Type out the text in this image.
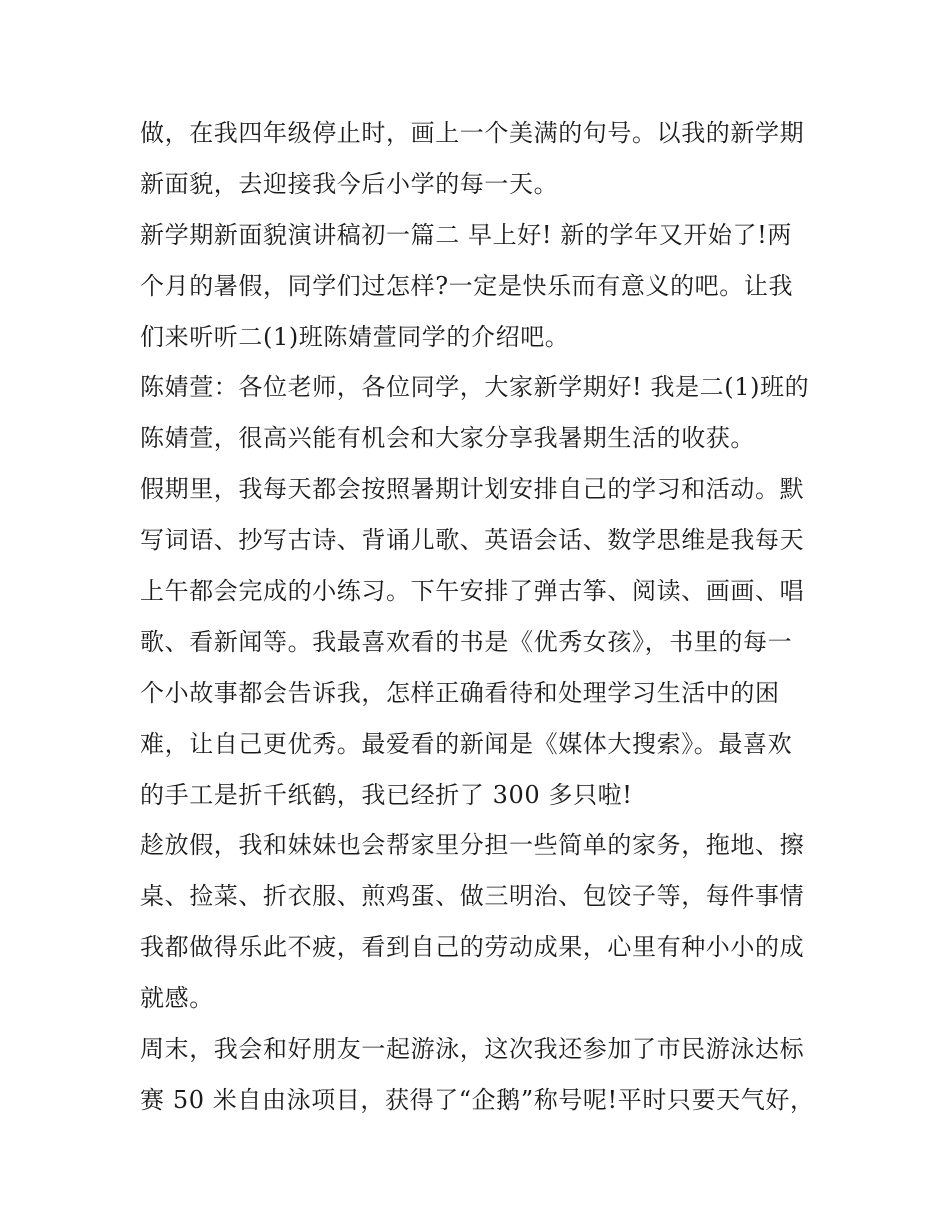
做，在我四年级停止时，画上一个美满的句号。以我的新学期
新面貌，去迎接我今后小学的每一天。
新学期新面貌演讲稿初一篇二 早上好! 新的学年又开始了!两
个月的暑假，同学们过怎样?一定是快乐而有意义的吧。让我
们来听听二(1)班陈婧萱同学的介绍吧。
陈婧萱：各位老师，各位同学，大家新学期好! 我是二(1)班的
陈婧萱，很高兴能有机会和大家分享我暑期生活的收获。
假期里，我每天都会按照暑期计划安排自己的学习和活动。默
写词语、抄写古诗、背诵儿歌、英语会话、数学思维是我每天
上午都会完成的小练习。下午安排了弹古筝、阅读、画画、唱
歌、看新闻等。我最喜欢看的书是《优秀女孩》，书里的每一
个小故事都会告诉我，怎样正确看待和处理学习生活中的困
难，让自己更优秀。最爱看的新闻是《媒体大搜索》。最喜欢
的手工是折千纸鹤，我已经折了 300 多只啦!
趁放假，我和妹妹也会帮家里分担一些简单的家务，拖地、擦
桌、捡菜、折衣服、煎鸡蛋、做三明治、包饺子等，每件事情
我都做得乐此不疲，看到自己的劳动成果，心里有种小小的成
就感。
周末，我会和好朋友一起游泳，这次我还参加了市民游泳达标
赛 50 米自由泳项目，获得了“企鹅”称号呢!平时只要天气好，
